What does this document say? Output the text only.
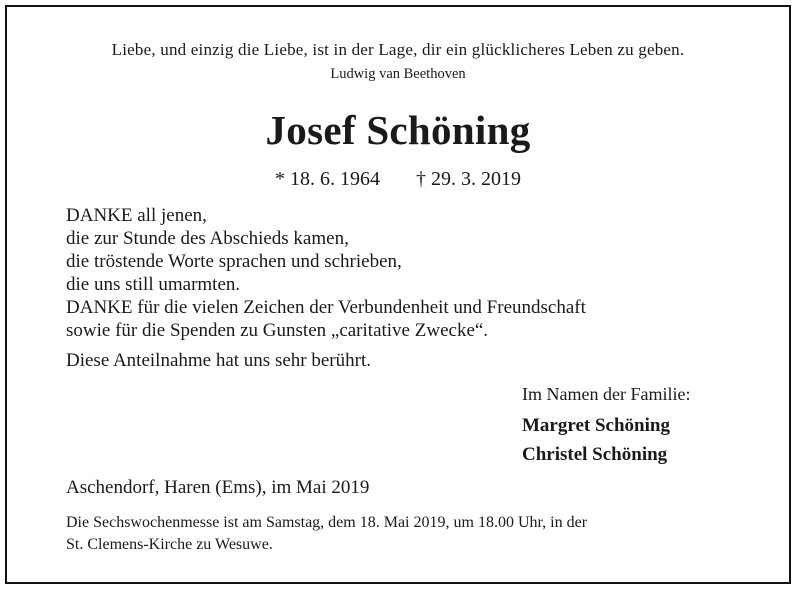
Liebe, und einzig die Liebe, ist in der Lage, dir ein glücklicheres Leben zu geben.

Ludwig van Beethoven

Josef Schöning

* 18. 6. 1964 † 29. 3. 2019

DANKE all jenen,
die zur Stunde des Abschieds kamen,
die tröstende Worte sprachen und schrieben,
die uns still umarmten.
DANKE für die vielen Zeichen der Verbundenheit und Freundschaft
sowie für die Spenden zu Gunsten „caritative Zwecke“.

Diese Anteilnahme hat uns sehr berührt.

Im Namen der Familie:

Margret Schöning

Christel Schöning

Aschendorf, Haren (Ems), im Mai 2019

Die Sechswochenmesse ist am Samstag, dem 18. Mai 2019, um 18.00 Uhr, in der
St. Clemens-Kirche zu Wesuwe.
